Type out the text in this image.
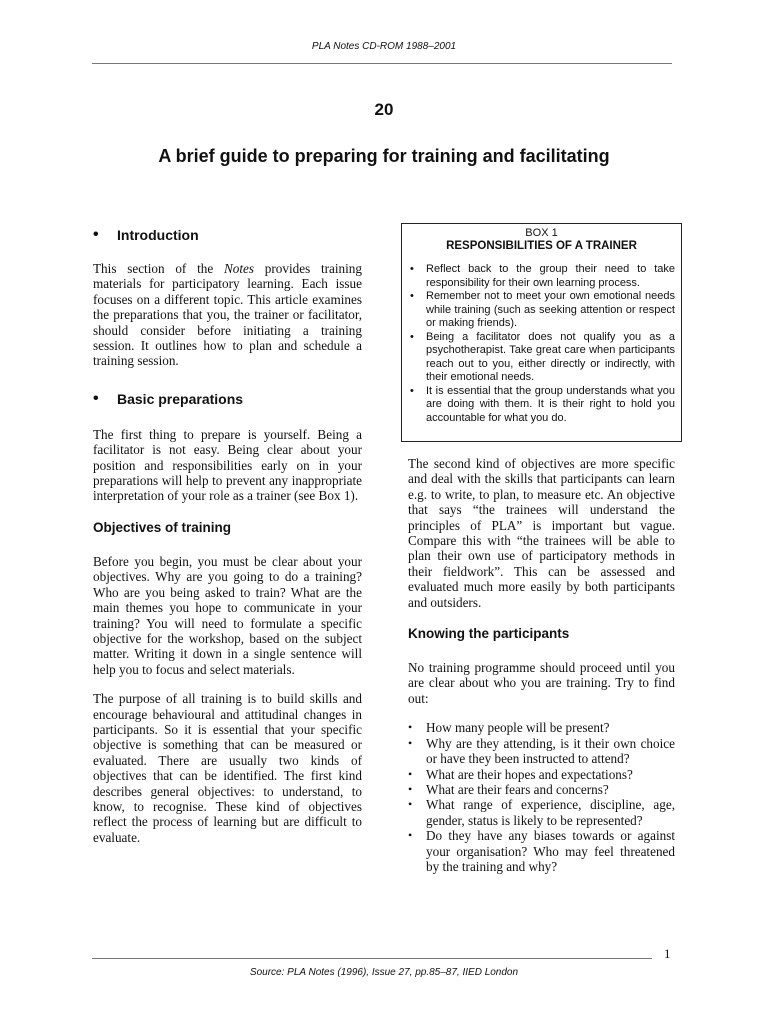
PLA Notes CD-ROM 1988–2001
20
A brief guide to preparing for training and facilitating
•	Introduction

This section of the Notes provides training materials for participatory learning. Each issue focuses on a different topic. This article examines the preparations that you, the trainer or facilitator, should consider before initiating a training session. It outlines how to plan and schedule a training session.

•	Basic preparations

The first thing to prepare is yourself. Being a facilitator is not easy. Being clear about your position and responsibilities early on in your preparations will help to prevent any inappropriate interpretation of your role as a trainer (see Box 1).

Objectives of training

Before you begin, you must be clear about your objectives. Why are you going to do a training? Who are you being asked to train? What are the main themes you hope to communicate in your training? You will need to formulate a specific objective for the workshop, based on the subject matter. Writing it down in a single sentence will help you to focus and select materials.

The purpose of all training is to build skills and encourage behavioural and attitudinal changes in participants. So it is essential that your specific objective is something that can be measured or evaluated. There are usually two kinds of objectives that can be identified. The first kind describes general objectives: to understand, to know, to recognise. These kind of objectives reflect the process of learning but are difficult to evaluate.

BOX 1
RESPONSIBILITIES OF A TRAINER
• Reflect back to the group their need to take responsibility for their own learning process.
• Remember not to meet your own emotional needs while training (such as seeking attention or respect or making friends).
• Being a facilitator does not qualify you as a psychotherapist. Take great care when participants reach out to you, either directly or indirectly, with their emotional needs.
• It is essential that the group understands what you are doing with them. It is their right to hold you accountable for what you do.

The second kind of objectives are more specific and deal with the skills that participants can learn e.g. to write, to plan, to measure etc. An objective that says “the trainees will understand the principles of PLA” is important but vague. Compare this with “the trainees will be able to plan their own use of participatory methods in their fieldwork”. This can be assessed and evaluated much more easily by both participants and outsiders.

Knowing the participants

No training programme should proceed until you are clear about who you are training. Try to find out:

• How many people will be present?
• Why are they attending, is it their own choice or have they been instructed to attend?
• What are their hopes and expectations?
• What are their fears and concerns?
• What range of experience, discipline, age, gender, status is likely to be represented?
• Do they have any biases towards or against your organisation? Who may feel threatened by the training and why?
1
Source: PLA Notes (1996), Issue 27, pp.85–87, IIED London
